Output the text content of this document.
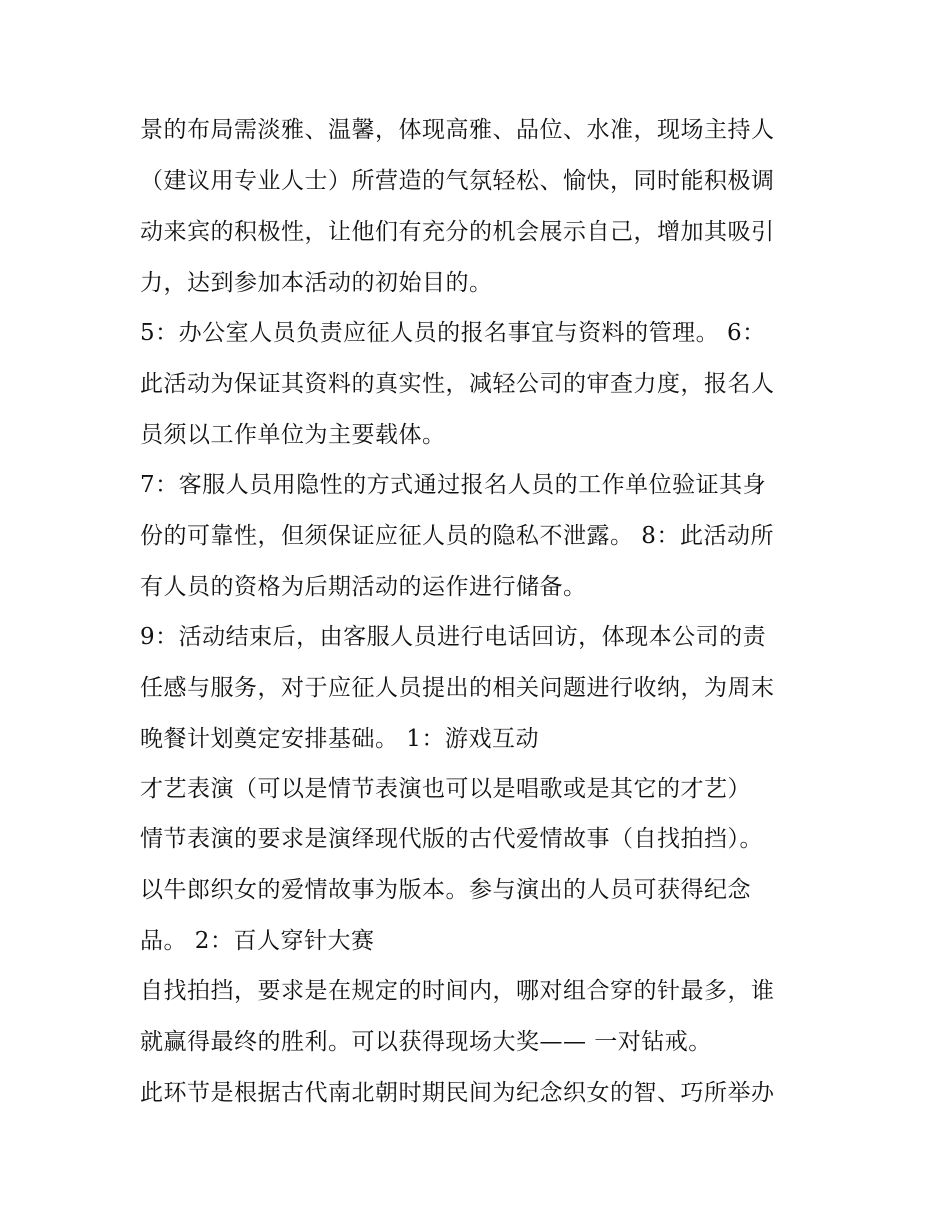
景的布局需淡雅、温馨，体现高雅、品位、水准，现场主持人
（建议用专业人士）所营造的气氛轻松、愉快，同时能积极调
动来宾的积极性，让他们有充分的机会展示自己，增加其吸引
力，达到参加本活动的初始目的。
5：办公室人员负责应征人员的报名事宜与资料的管理。 6：
此活动为保证其资料的真实性，减轻公司的审查力度，报名人
员须以工作单位为主要载体。
7：客服人员用隐性的方式通过报名人员的工作单位验证其身
份的可靠性，但须保证应征人员的隐私不泄露。 8：此活动所
有人员的资格为后期活动的运作进行储备。
9：活动结束后，由客服人员进行电话回访，体现本公司的责
任感与服务，对于应征人员提出的相关问题进行收纳，为周末
晚餐计划奠定安排基础。 1：游戏互动
才艺表演（可以是情节表演也可以是唱歌或是其它的才艺）
情节表演的要求是演绎现代版的古代爱情故事（自找拍挡）。
以牛郎织女的爱情故事为版本。参与演出的人员可获得纪念
品。 2：百人穿针大赛
自找拍挡，要求是在规定的时间内，哪对组合穿的针最多，谁
就赢得最终的胜利。可以获得现场大奖—— 一对钻戒。
此环节是根据古代南北朝时期民间为纪念织女的智、巧所举办
